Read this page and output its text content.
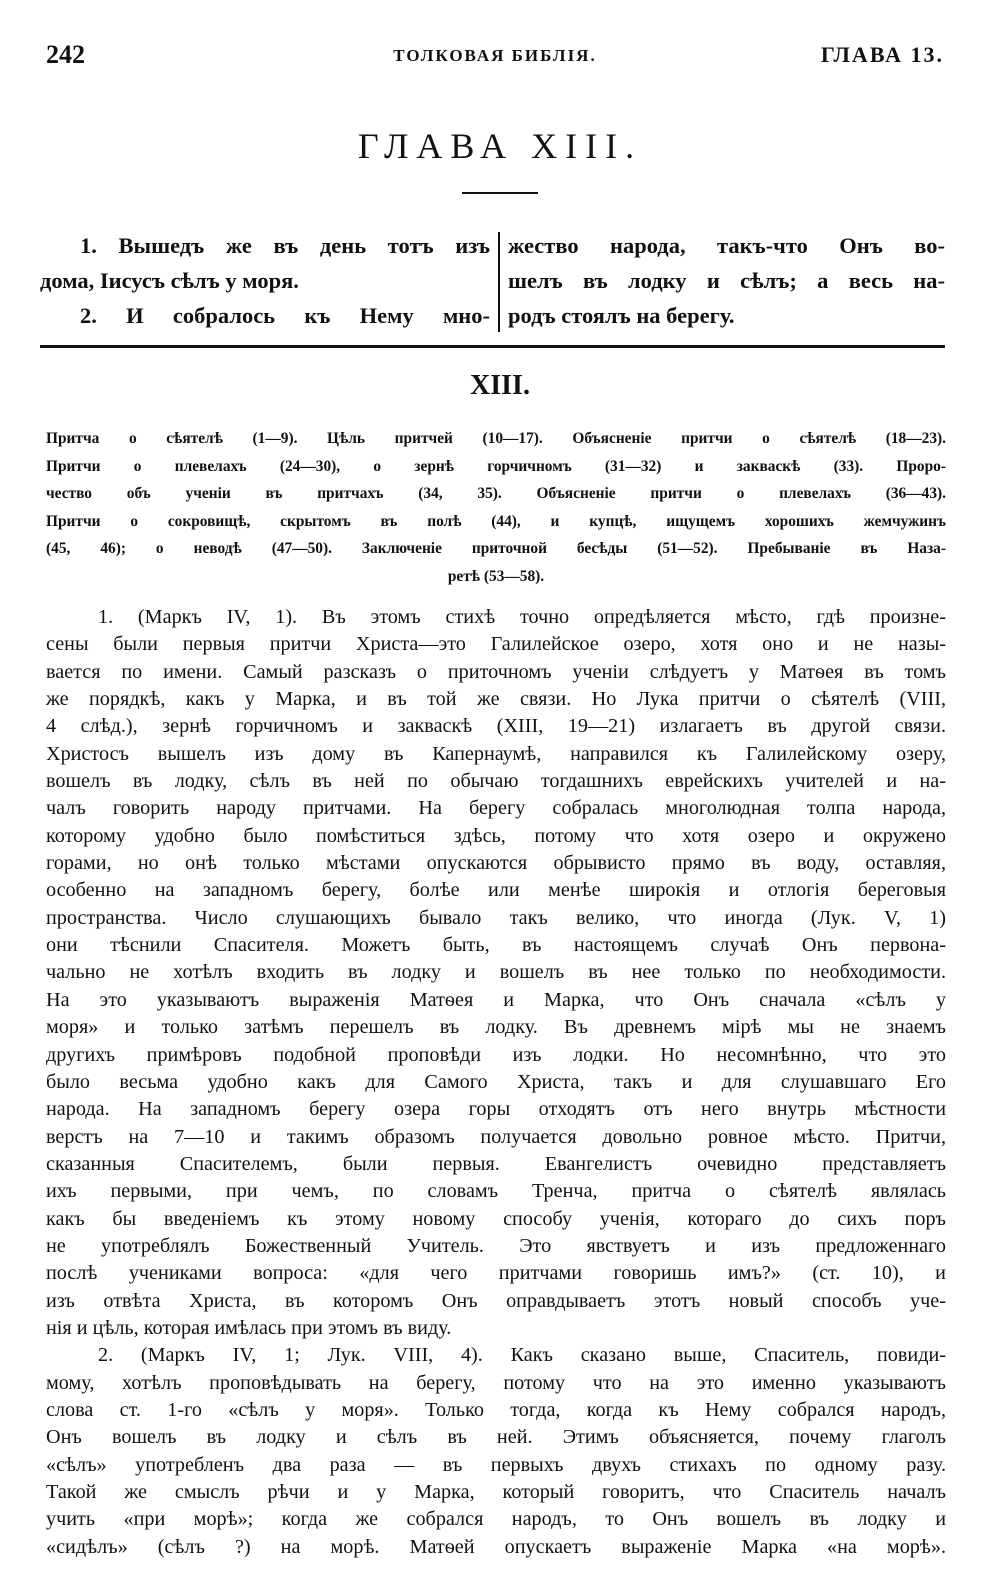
242	ТОЛКОВАЯ БИБЛІЯ.	ГЛАВА 13.
ГЛАВА XIII.
1. Вышедъ же въ день тотъ изъ
дома, Іисусъ сѣлъ у моря.
2. И собралось къ Нему мно-
жество народа, такъ-что Онъ во-
шелъ въ лодку и сѣлъ; а весь на-
родъ стоялъ на берегу.
XIII.
Притча о сѣятелѣ (1—9). Цѣль притчей (10—17). Объясненіе притчи о сѣятелѣ (18—23).
Притчи о плевелахъ (24—30), о зернѣ горчичномъ (31—32) и закваскѣ (33). Проро-
чество объ ученіи въ притчахъ (34, 35). Объясненіе притчи о плевелахъ (36—43).
Притчи о сокровищѣ, скрытомъ въ полѣ (44), и купцѣ, ищущемъ хорошихъ жемчужинъ
(45, 46); о неводѣ (47—50). Заключеніе приточной бесѣды (51—52). Пребываніе въ Наза-
ретѣ (53—58).
1. (Маркъ IV, 1). Въ этомъ стихѣ точно опредѣляется мѣсто, гдѣ произне-
сены были первыя притчи Христа—это Галилейское озеро, хотя оно и не назы-
вается по имени. Самый разсказъ о приточномъ ученіи слѣдуетъ у Матѳея въ томъ
же порядкѣ, какъ у Марка, и въ той же связи. Но Лука притчи о сѣятелѣ (VIII,
4 слѣд.), зернѣ горчичномъ и закваскѣ (XIII, 19—21) излагаетъ въ другой связи.
Христосъ вышелъ изъ дому въ Капернаумѣ, направился къ Галилейскому озеру,
вошелъ въ лодку, сѣлъ въ ней по обычаю тогдашнихъ еврейскихъ учителей и на-
чалъ говорить народу притчами. На берегу собралась многолюдная толпа народа,
которому удобно было помѣститься здѣсь, потому что хотя озеро и окружено
горами, но онѣ только мѣстами опускаются обрывисто прямо въ воду, оставляя,
особенно на западномъ берегу, болѣе или менѣе широкія и отлогія береговыя
пространства. Число слушающихъ бывало такъ велико, что иногда (Лук. V, 1)
они тѣснили Спасителя. Можетъ быть, въ настоящемъ случаѣ Онъ первона-
чально не хотѣлъ входить въ лодку и вошелъ въ нее только по необходимости.
На это указываютъ выраженія Матѳея и Марка, что Онъ сначала «сѣлъ у
моря» и только затѣмъ перешелъ въ лодку. Въ древнемъ мірѣ мы не знаемъ
другихъ примѣровъ подобной проповѣди изъ лодки. Но несомнѣнно, что это
было весьма удобно какъ для Самого Христа, такъ и для слушавшаго Его
народа. На западномъ берегу озера горы отходятъ отъ него внутрь мѣстности
верстъ на 7—10 и такимъ образомъ получается довольно ровное мѣсто. Притчи,
сказанныя Спасителемъ, были первыя. Евангелистъ очевидно представляетъ
ихъ первыми, при чемъ, по словамъ Тренча, притча о сѣятелѣ являлась
какъ бы введеніемъ къ этому новому способу ученія, котораго до сихъ поръ
не употреблялъ Божественный Учитель. Это явствуетъ и изъ предложеннаго
послѣ учениками вопроса: «для чего притчами говоришь имъ?» (ст. 10), и
изъ отвѣта Христа, въ которомъ Онъ оправдываетъ этотъ новый способъ уче-
нія и цѣль, которая имѣлась при этомъ въ виду.
2. (Маркъ IV, 1; Лук. VIII, 4). Какъ сказано выше, Спаситель, повиди-
мому, хотѣлъ проповѣдывать на берегу, потому что на это именно указываютъ
слова ст. 1-го «сѣлъ у моря». Только тогда, когда къ Нему собрался народъ,
Онъ вошелъ въ лодку и сѣлъ въ ней. Этимъ объясняется, почему глаголъ
«сѣлъ» употребленъ два раза — въ первыхъ двухъ стихахъ по одному разу.
Такой же смыслъ рѣчи и у Марка, который говоритъ, что Спаситель началъ
учить «при морѣ»; когда же собрался народъ, то Онъ вошелъ въ лодку и
«сидѣлъ» (сѣлъ ?) на морѣ. Матѳей опускаетъ выраженіе Марка «на морѣ».
